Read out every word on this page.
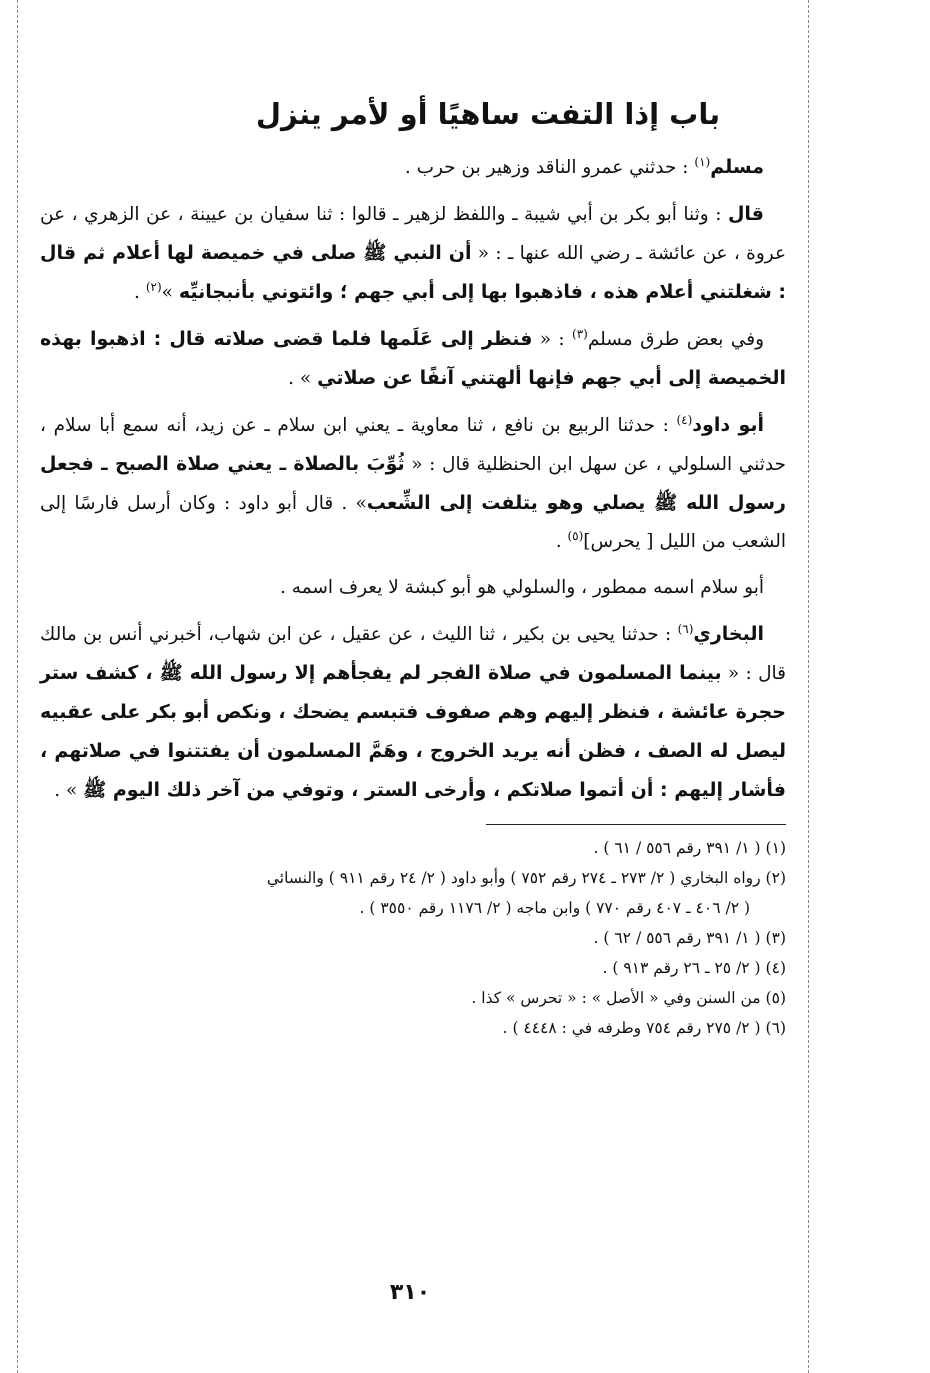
باب إذا التفت ساهيًا أو لأمر ينزل

مسلم$^{(١)}$ : حدثني عمرو الناقد وزهير بن حرب .

قال : وثنا أبو بكر بن أبي شيبة ـ واللفظ لزهير ـ قالوا : ثنا سفيان بن عيينة ، عن الزهري ، عن عروة ، عن عائشة ـ رضي الله عنها ـ : « أن النبي ﷺ صلى في خميصة لها أعلام ثم قال : شغلتني أعلام هذه ، فاذهبوا بها إلى أبي جهم ؛ وائتوني بأنبجانيِّه »$^{(٢)}$ .

وفي بعض طرق مسلم$^{(٣)}$ : « فنظر إلى عَلَمها فلما قضى صلاته قال : اذهبوا بهذه الخميصة إلى أبي جهم فإنها ألهتني آنفًا عن صلاتي » .

أبو داود$^{(٤)}$ : حدثنا الربيع بن نافع ، ثنا معاوية ـ يعني ابن سلام ـ عن زيد، أنه سمع أبا سلام ، حدثني السلولي ، عن سهل ابن الحنظلية قال : « ثُوِّبَ بالصلاة ـ يعني صلاة الصبح ـ فجعل رسول الله ﷺ يصلي وهو يتلفت إلى الشِّعب» . قال أبو داود : وكان أرسل فارسًا إلى الشعب من الليل [ يحرس]$^{(٥)}$ .

أبو سلام اسمه ممطور ، والسلولي هو أبو كبشة لا يعرف اسمه .

البخاري$^{(٦)}$ : حدثنا يحيى بن بكير ، ثنا الليث ، عن عقيل ، عن ابن شهاب، أخبرني أنس بن مالك قال : « بينما المسلمون في صلاة الفجر لم يفجأهم إلا رسول الله ﷺ ، كشف ستر حجرة عائشة ، فنظر إليهم وهم صفوف فتبسم يضحك ، ونكص أبو بكر على عقبيه ليصل له الصف ، فظن أنه يريد الخروج ، وهَمَّ المسلمون أن يفتتنوا في صلاتهم ، فأشار إليهم : أن أتموا صلاتكم ، وأرخى الستر ، وتوفي من آخر ذلك اليوم ﷺ » .

(١) ( ١/ ٣٩١ رقم ٥٥٦ / ٦١ ) .
(٢) رواه البخاري ( ٢/ ٢٧٣ ـ ٢٧٤ رقم ٧٥٢ ) وأبو داود ( ٢/ ٢٤ رقم ٩١١ ) والنسائي
( ٢/ ٤٠٦ ـ ٤٠٧ رقم ٧٧٠ ) وابن ماجه ( ٢/ ١١٧٦ رقم ٣٥٥٠ ) .
(٣) ( ١/ ٣٩١ رقم ٥٥٦ / ٦٢ ) .
(٤) ( ٢/ ٢٥ ـ ٢٦ رقم ٩١٣ ) .
(٥) من السنن وفي « الأصل » : « تحرس » كذا .
(٦) ( ٢/ ٢٧٥ رقم ٧٥٤ وطرفه في : ٤٤٤٨ ) .
٣١٠
